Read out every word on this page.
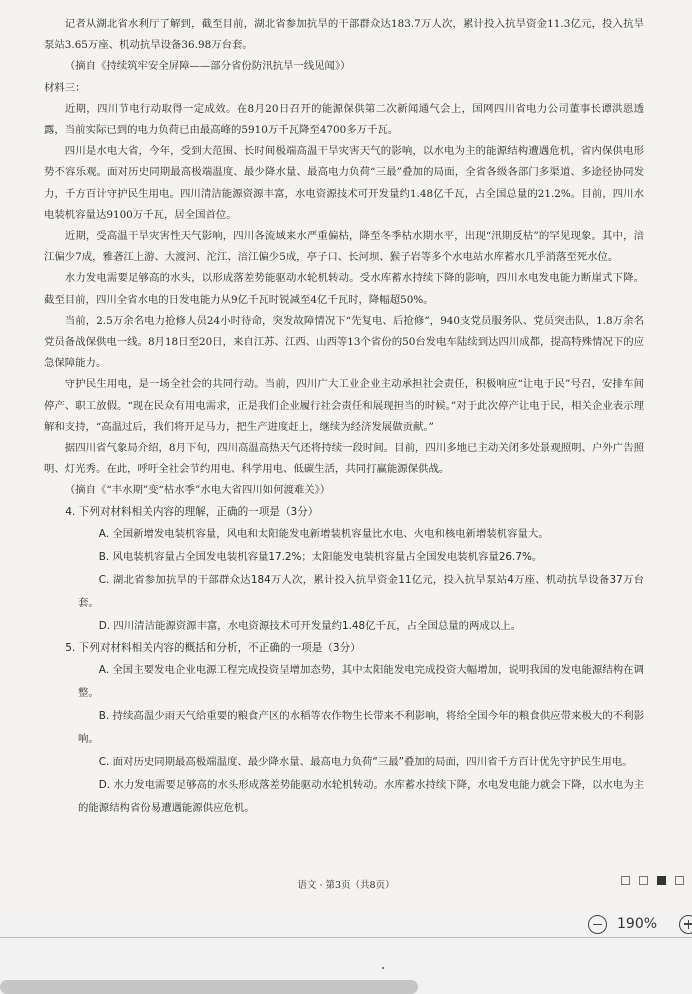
记者从湖北省水利厅了解到，截至目前，湖北省参加抗旱的干部群众达183.7万人次，累计投入抗旱资金11.3亿元，投入抗旱泵站3.65万座、机动抗旱设备36.98万台套。

（摘自《持续筑牢安全屏障——部分省份防汛抗旱一线见闻》）

材料三：

近期，四川节电行动取得一定成效。在8月20日召开的能源保供第二次新闻通气会上，国网四川省电力公司董事长谭洪恩透露，当前实际已到的电力负荷已由最高峰的5910万千瓦降至4700多万千瓦。

四川是水电大省，今年，受到大范围、长时间极端高温干旱灾害天气的影响，以水电为主的能源结构遭遇危机，省内保供电形势不容乐观。面对历史同期最高极端温度、最少降水量、最高电力负荷“三最”叠加的局面，全省各级各部门多渠道、多途径协同发力，千方百计守护民生用电。四川清洁能源资源丰富，水电资源技术可开发量约1.48亿千瓦，占全国总量的21.2%。目前，四川水电装机容量达9100万千瓦，居全国首位。

近期，受高温干旱灾害性天气影响，四川各流域来水严重偏枯，降至冬季枯水期水平，出现“汛期反枯”的罕见现象。其中，涪江偏少7成，雅砻江上游、大渡河、沱江、涪江偏少5成，亭子口、长河坝、猴子岩等多个水电站水库蓄水几乎消落至死水位。

水力发电需要足够高的水头，以形成落差势能驱动水轮机转动。受水库蓄水持续下降的影响，四川水电发电能力断崖式下降。截至目前，四川全省水电的日发电能力从9亿千瓦时锐减至4亿千瓦时，降幅超50%。

当前，2.5万余名电力抢修人员24小时待命，突发故障情况下“先复电、后抢修”，940支党员服务队、党员突击队，1.8万余名党员备战保供电一线。8月18日至20日，来自江苏、江西、山西等13个省份的50台发电车陆续到达四川成都，提高特殊情况下的应急保障能力。

守护民生用电，是一场全社会的共同行动。当前，四川广大工业企业主动承担社会责任，积极响应“让电于民”号召，安排车间停产、职工放假。“现在民众有用电需求，正是我们企业履行社会责任和展现担当的时候。”对于此次停产让电于民，相关企业表示理解和支持，“高温过后，我们将开足马力，把生产进度赶上，继续为经济发展做贡献。”

据四川省气象局介绍，8月下旬，四川高温高热天气还将持续一段时间。目前，四川多地已主动关闭多处景观照明、户外广告照明、灯光秀。在此，呼吁全社会节约用电、科学用电、低碳生活，共同打赢能源保供战。

（摘自《“丰水期”变“枯水季”水电大省四川如何渡难关》）

4. 下列对材料相关内容的理解，正确的一项是（3分）

A. 全国新增发电装机容量，风电和太阳能发电新增装机容量比水电、火电和核电新增装机容量大。

B. 风电装机容量占全国发电装机容量17.2%；太阳能发电装机容量占全国发电装机容量26.7%。

C. 湖北省参加抗旱的干部群众达184万人次，累计投入抗旱资金11亿元，投入抗旱泵站4万座、机动抗旱设备37万台套。

D. 四川清洁能源资源丰富，水电资源技术可开发量约1.48亿千瓦，占全国总量的两成以上。

5. 下列对材料相关内容的概括和分析，不正确的一项是（3分）

A. 全国主要发电企业电源工程完成投资呈增加态势，其中太阳能发电完成投资大幅增加，说明我国的发电能源结构在调整。

B. 持续高温少雨天气给重要的粮食产区的水稻等农作物生长带来不利影响，将给全国今年的粮食供应带来极大的不利影响。

C. 面对历史同期最高极端温度、最少降水量、最高电力负荷“三最”叠加的局面，四川省千方百计优先守护民生用电。

D. 水力发电需要足够高的水头形成落差势能驱动水轮机转动。水库蓄水持续下降，水电发电能力就会下降，以水电为主的能源结构省份易遭遇能源供应危机。

语文 · 第3页（共8页）
190%
